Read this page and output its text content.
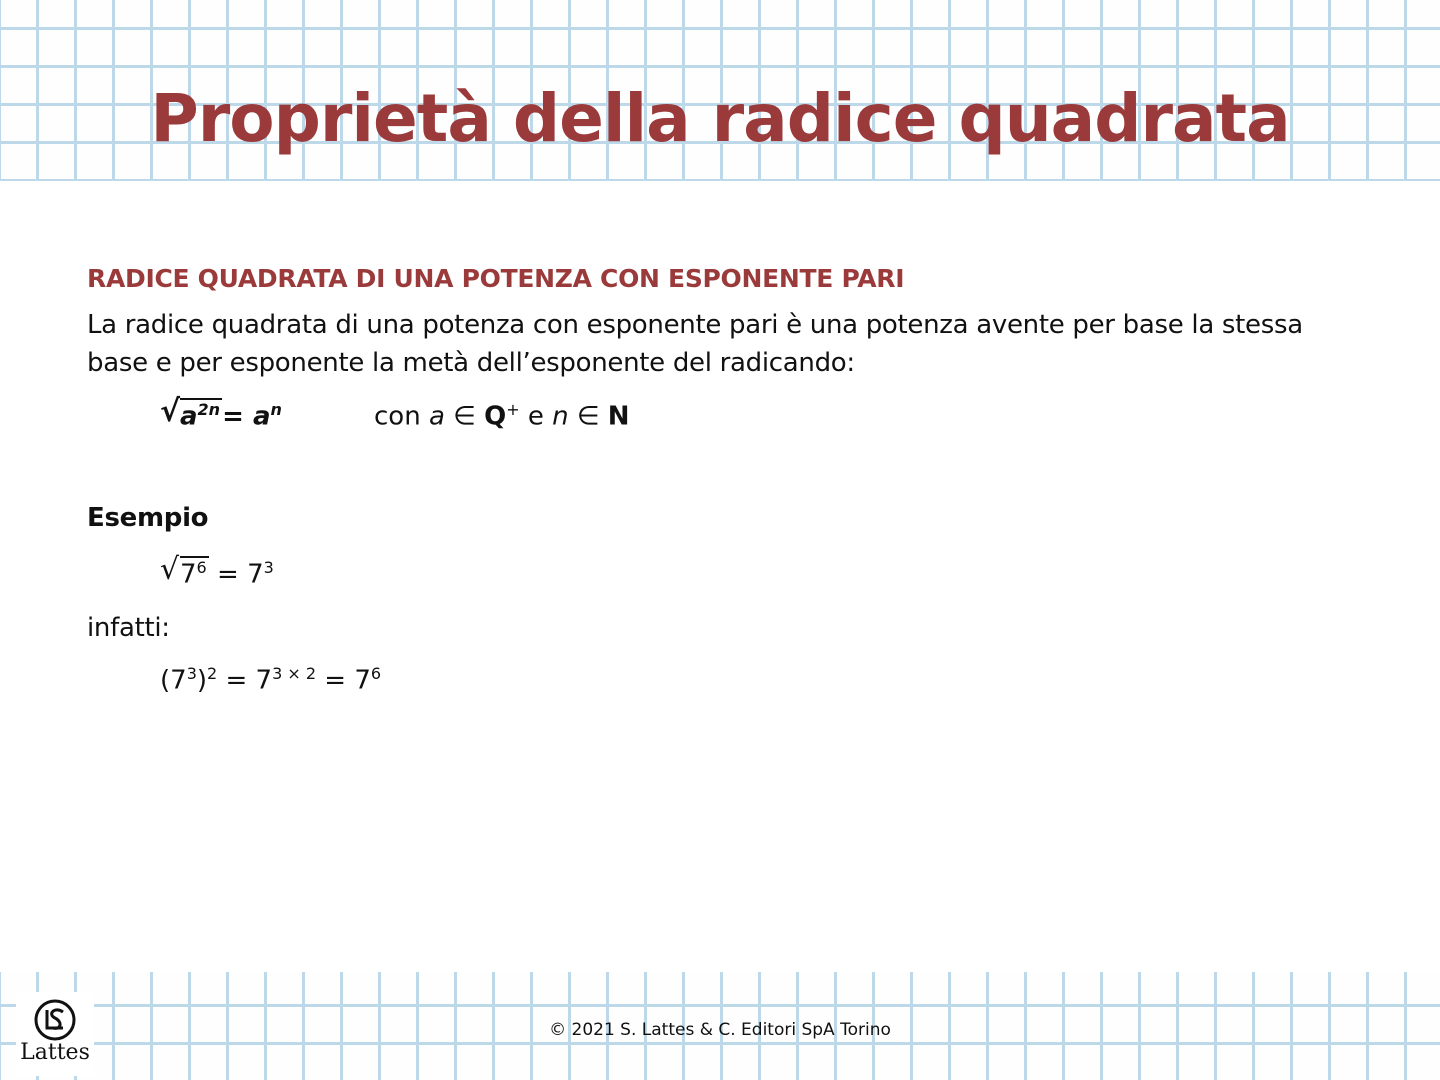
Proprietà della radice quadrata
RADICE QUADRATA DI UNA POTENZA CON ESPONENTE PARI
La radice quadrata di una potenza con esponente pari è una potenza avente per base la stessa
base e per esponente la metà dell’esponente del radicando:
√ $a^{2n}= a^n$	con a ∈ Q+ e n ∈ N
Esempio
√ $7^6 = 7^3$
infatti:
$(7^3)^2 = 7^{3 \times 2} = 7^6$
Lattes
© 2021 S. Lattes & C. Editori SpA Torino
